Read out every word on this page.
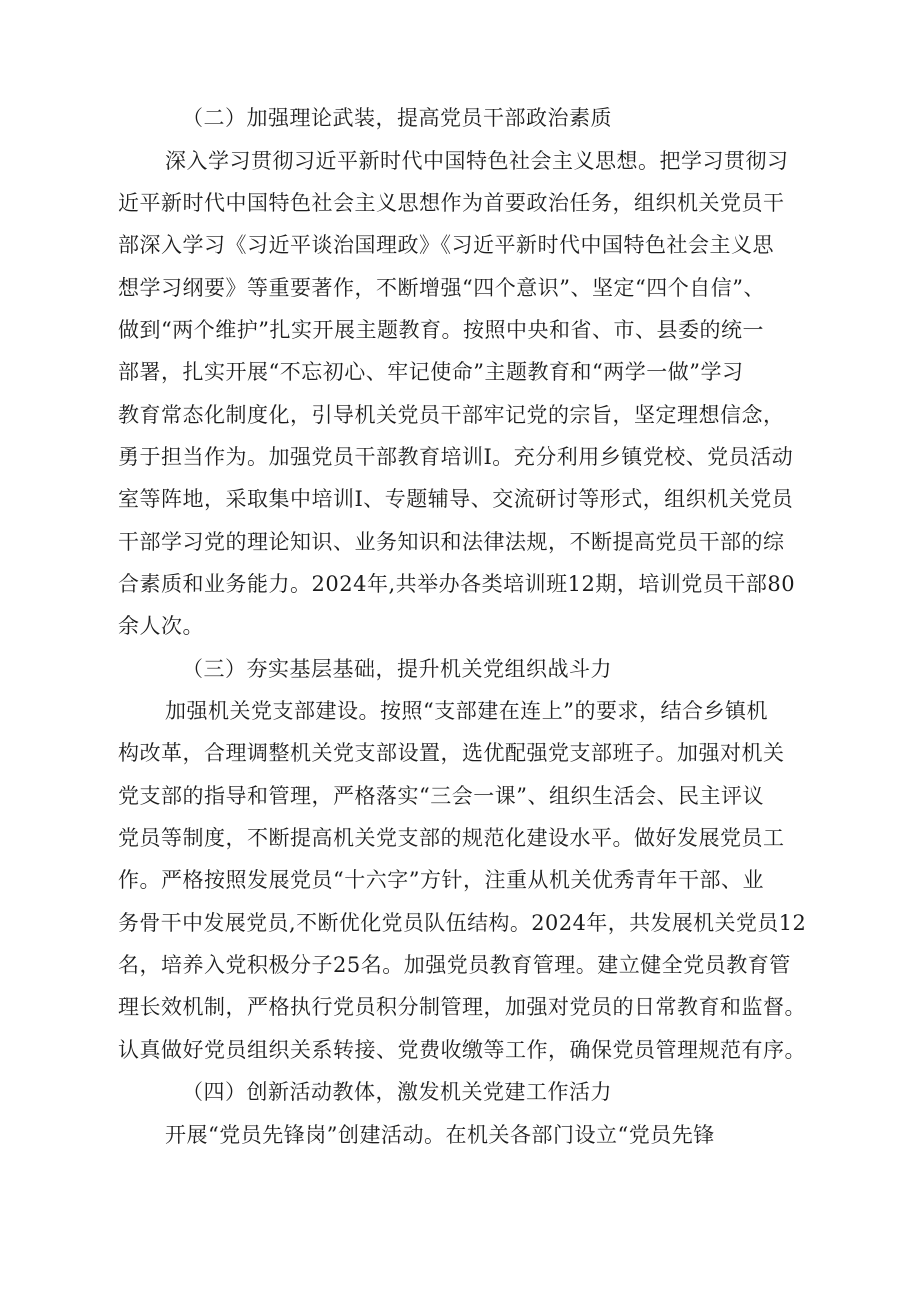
（二）加强理论武装，提高党员干部政治素质
深入学习贯彻习近平新时代中国特色社会主义思想。把学习贯彻习
近平新时代中国特色社会主义思想作为首要政治任务，组织机关党员干
部深入学习《习近平谈治国理政》《习近平新时代中国特色社会主义思
想学习纲要》等重要著作，不断增强“四个意识”、坚定“四个自信”、
做到“两个维护”扎实开展主题教育。按照中央和省、市、县委的统一
部署，扎实开展“不忘初心、牢记使命”主题教育和“两学一做”学习
教育常态化制度化，引导机关党员干部牢记党的宗旨，坚定理想信念，
勇于担当作为。加强党员干部教育培训I。充分利用乡镇党校、党员活动
室等阵地，采取集中培训I、专题辅导、交流研讨等形式，组织机关党员
干部学习党的理论知识、业务知识和法律法规，不断提高党员干部的综
合素质和业务能力。2024年,共举办各类培训班12期，培训党员干部80
余人次。
（三）夯实基层基础，提升机关党组织战斗力
加强机关党支部建设。按照“支部建在连上”的要求，结合乡镇机
构改革，合理调整机关党支部设置，选优配强党支部班子。加强对机关
党支部的指导和管理，严格落实“三会一课”、组织生活会、民主评议
党员等制度，不断提高机关党支部的规范化建设水平。做好发展党员工
作。严格按照发展党员“十六字”方针，注重从机关优秀青年干部、业
务骨干中发展党员,不断优化党员队伍结构。2024年，共发展机关党员12
名，培养入党积极分子25名。加强党员教育管理。建立健全党员教育管
理长效机制，严格执行党员积分制管理，加强对党员的日常教育和监督。
认真做好党员组织关系转接、党费收缴等工作，确保党员管理规范有序。
（四）创新活动教体，激发机关党建工作活力
开展“党员先锋岗”创建活动。在机关各部门设立“党员先锋
